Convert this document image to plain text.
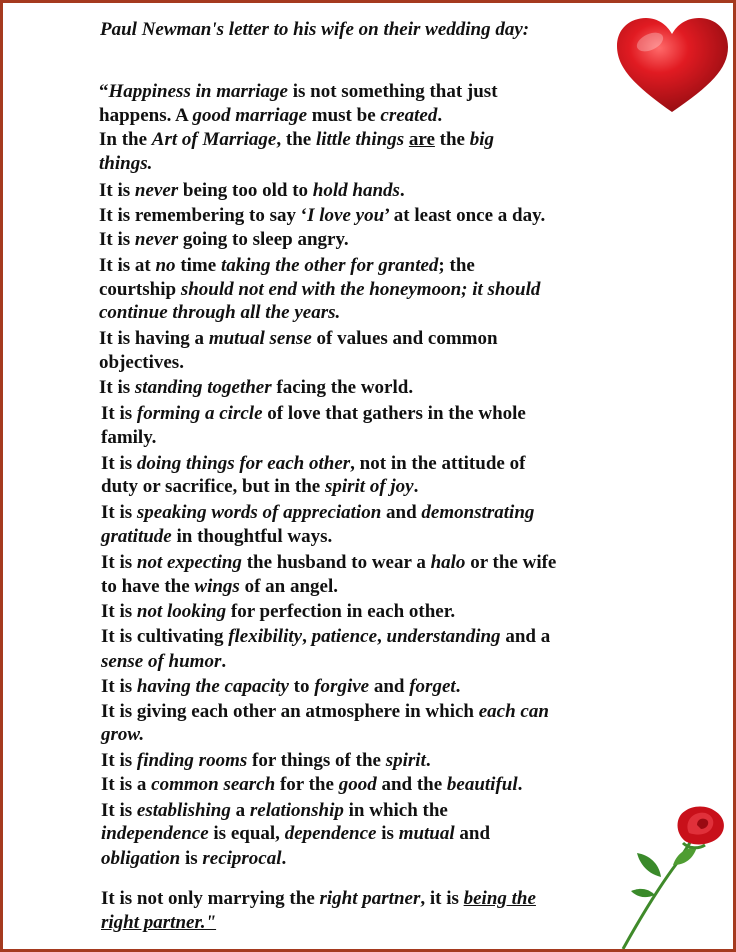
Paul Newman's letter to his wife on their wedding day:
“Happiness in marriage is not something that just
happens. A good marriage must be created.
In the Art of Marriage, the little things are the big
things.
It is never being too old to hold hands.
It is remembering to say ‘I love you’ at least once a day.
It is never going to sleep angry.
It is at no time taking the other for granted; the
courtship should not end with the honeymoon; it should
continue through all the years.
It is having a mutual sense of values and common
objectives.
It is standing together facing the world.
It is forming a circle of love that gathers in the whole
family.
It is doing things for each other, not in the attitude of
duty or sacrifice, but in the spirit of joy.
It is speaking words of appreciation and demonstrating
gratitude in thoughtful ways.
It is not expecting the husband to wear a halo or the wife
to have the wings of an angel.
It is not looking for perfection in each other.
It is cultivating flexibility, patience, understanding and a
sense of humor.
It is having the capacity to forgive and forget.
It is giving each other an atmosphere in which each can
grow.
It is finding rooms for things of the spirit.
It is a common search for the good and the beautiful.
It is establishing a relationship in which the
independence is equal, dependence is mutual and
obligation is reciprocal.
It is not only marrying the right partner, it is being the
right partner."
